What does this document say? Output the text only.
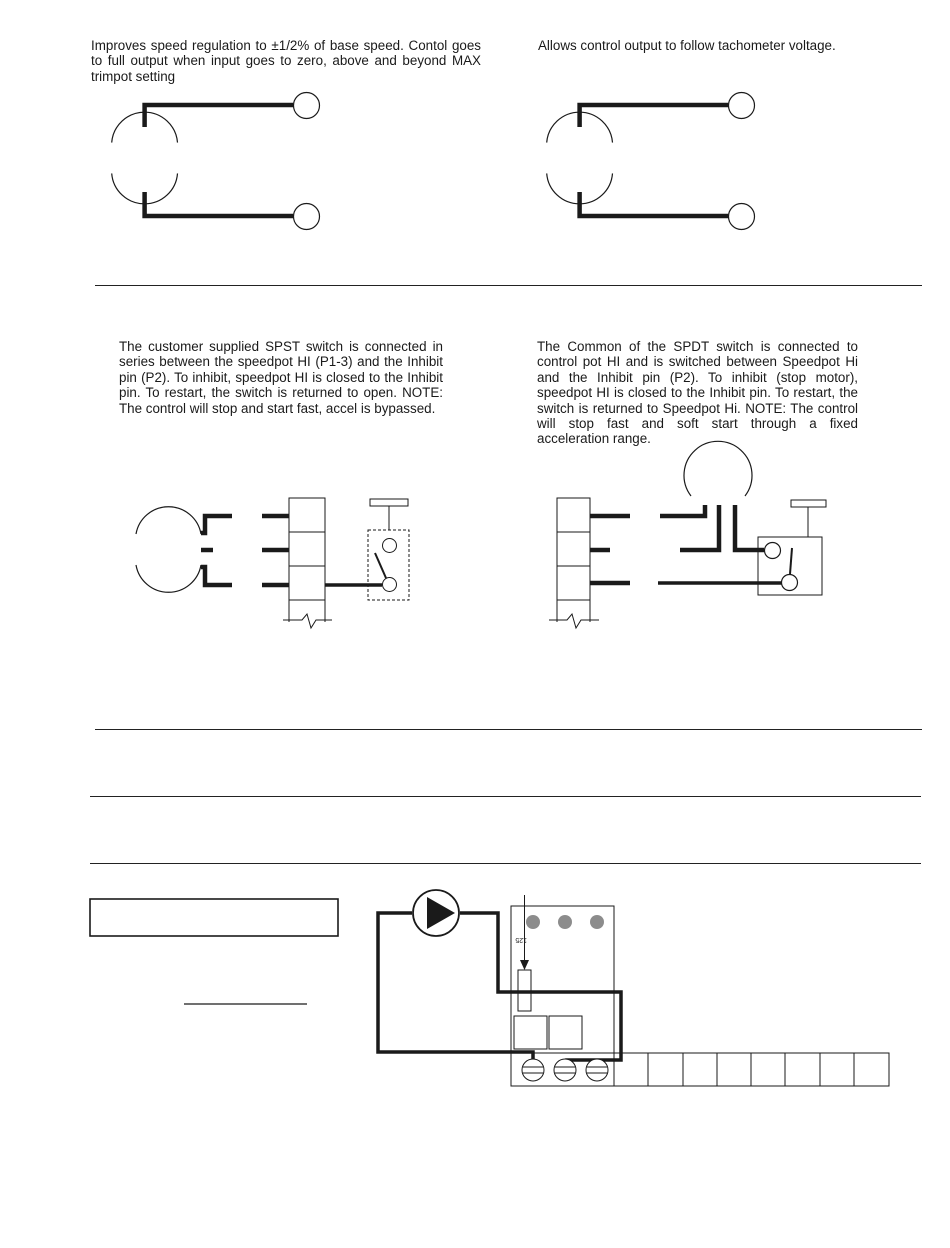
Improves speed regulation to ±1/2% of base speed. Contol goes to full output when input goes to zero, above and beyond MAX trimpot setting

Allows control output to follow tachometer voltage.

The customer supplied SPST switch is connected in series between the speedpot HI (P1-3) and the Inhibit pin (P2). To inhibit, speedpot HI is closed to the Inhibit pin. To restart, the switch is returned to open. NOTE: The control will stop and start fast, accel is bypassed.

The Common of the SPDT switch is connected to control pot HI and is switched between Speedpot Hi and the Inhibit pin (P2). To inhibit (stop motor), speedpot HI is closed to the Inhibit pin. To restart, the switch is returned to Speedpot Hi. NOTE: The control will stop fast and soft start through a fixed acceleration range.

125
